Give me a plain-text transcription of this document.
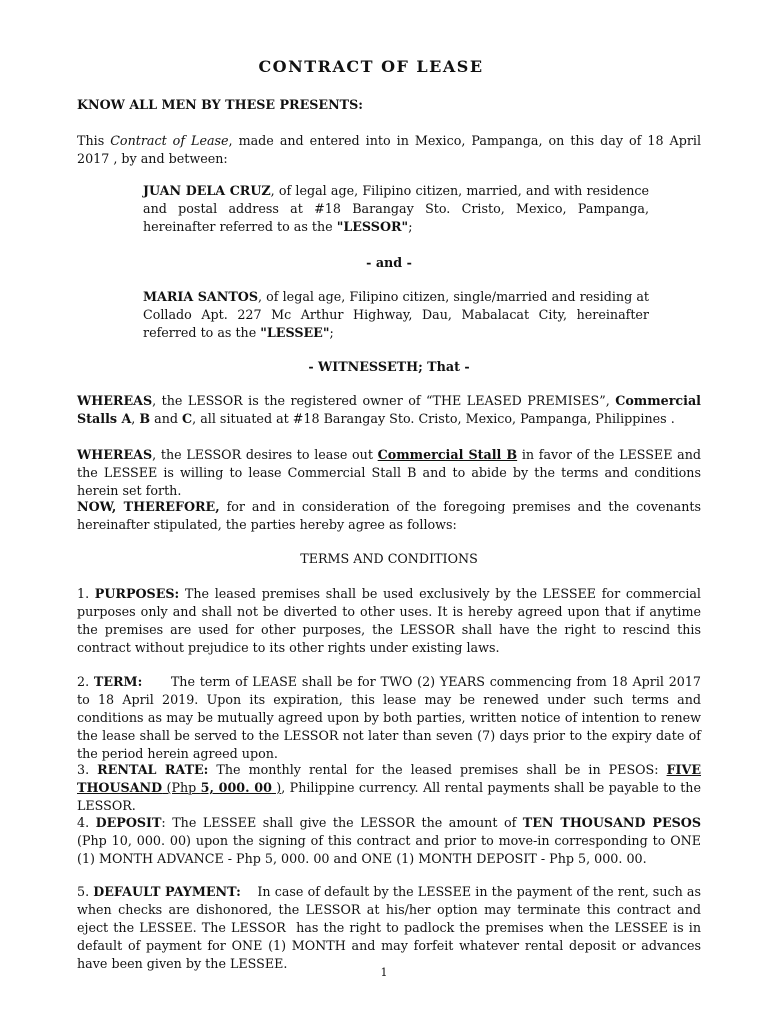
CONTRACT OF LEASE

KNOW ALL MEN BY THESE PRESENTS:

This Contract of Lease, made and entered into in Mexico, Pampanga, on this day of 18 April 2017 , by and between:

JUAN DELA CRUZ, of legal age, Filipino citizen, married, and with residence and postal address at #18 Barangay Sto. Cristo, Mexico, Pampanga, hereinafter referred to as the "LESSOR";

- and -

MARIA SANTOS, of legal age, Filipino citizen, single/married and residing at Collado Apt. 227 Mc Arthur Highway, Dau, Mabalacat City, hereinafter referred to as the "LESSEE";

- WITNESSETH; That -

WHEREAS, the LESSOR is the registered owner of “THE LEASED PREMISES”, Commercial Stalls A, B and C, all situated at #18 Barangay Sto. Cristo, Mexico, Pampanga, Philippines .

WHEREAS, the LESSOR desires to lease out Commercial Stall B in favor of the LESSEE and the LESSEE is willing to lease Commercial Stall B and to abide by the terms and conditions herein set forth.

NOW, THEREFORE, for and in consideration of the foregoing premises and the covenants hereinafter stipulated, the parties hereby agree as follows:

TERMS AND CONDITIONS

1. PURPOSES: The leased premises shall be used exclusively by the LESSEE for commercial purposes only and shall not be diverted to other uses. It is hereby agreed upon that if anytime the premises are used for other purposes, the LESSOR shall have the right to rescind this contract without prejudice to its other rights under existing laws.

2. TERM:      The term of LEASE shall be for TWO (2) YEARS commencing from 18 April 2017 to 18 April 2019. Upon its expiration, this lease may be renewed under such terms and conditions as may be mutually agreed upon by both parties, written notice of intention to renew the lease shall be served to the LESSOR not later than seven (7) days prior to the expiry date of the period herein agreed upon.

3. RENTAL RATE: The monthly rental for the leased premises shall be in PESOS: FIVE THOUSAND (Php 5, 000. 00 ), Philippine currency. All rental payments shall be payable to the LESSOR.

4. DEPOSIT: The LESSEE shall give the LESSOR the amount of TEN THOUSAND PESOS (Php 10, 000. 00) upon the signing of this contract and prior to move-in corresponding to ONE (1) MONTH ADVANCE - Php 5, 000. 00 and ONE (1) MONTH DEPOSIT - Php 5, 000. 00.

5. DEFAULT PAYMENT:    In case of default by the LESSEE in the payment of the rent, such as when checks are dishonored, the LESSOR at his/her option may terminate this contract and eject the LESSEE. The LESSOR  has the right to padlock the premises when the LESSEE is in default of payment for ONE (1) MONTH and may forfeit whatever rental deposit or advances have been given by the LESSEE.

1
